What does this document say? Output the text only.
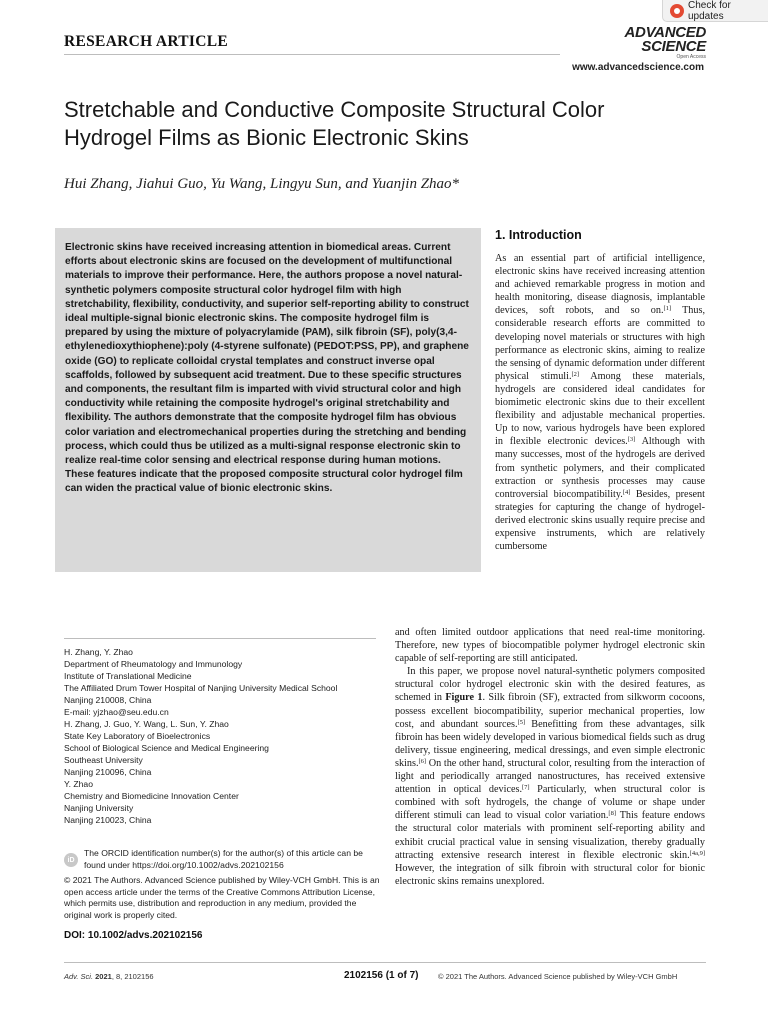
Check for updates
RESEARCH ARTICLE
ADVANCED
SCIENCE
Open Access
www.advancedscience.com
Stretchable and Conductive Composite Structural Color Hydrogel Films as Bionic Electronic Skins
Hui Zhang, Jiahui Guo, Yu Wang, Lingyu Sun, and Yuanjin Zhao*

Electronic skins have received increasing attention in biomedical areas. Current efforts about electronic skins are focused on the development of multifunctional materials to improve their performance. Here, the authors propose a novel natural-synthetic polymers composite structural color hydrogel film with high stretchability, flexibility, conductivity, and superior self-reporting ability to construct ideal multiple-signal bionic electronic skins. The composite hydrogel film is prepared by using the mixture of polyacrylamide (PAM), silk fibroin (SF), poly(3,4-ethylenedioxythiophene):poly (4-styrene sulfonate) (PEDOT:PSS, PP), and graphene oxide (GO) to replicate colloidal crystal templates and construct inverse opal scaffolds, followed by subsequent acid treatment. Due to these specific structures and components, the resultant film is imparted with vivid structural color and high conductivity while retaining the composite hydrogel's original stretchability and flexibility. The authors demonstrate that the composite hydrogel film has obvious color variation and electromechanical properties during the stretching and bending process, which could thus be utilized as a multi-signal response electronic skin to realize real-time color sensing and electrical response during human motions. These features indicate that the proposed composite structural color hydrogel film can widen the practical value of bionic electronic skins.

1. Introduction

As an essential part of artificial intelligence, electronic skins have received increasing attention and achieved remarkable progress in motion and health monitoring, disease diagnosis, implantable devices, soft robots, and so on.[1] Thus, considerable research efforts are committed to developing novel materials or structures with high performance as electronic skins, aiming to realize the sensing of dynamic deformation under different physical stimuli.[2] Among these materials, hydrogels are considered ideal candidates for biomimetic electronic skins due to their excellent flexibility and adjustable mechanical properties. Up to now, various hydrogels have been explored in flexible electronic devices.[3] Although with many successes, most of the hydrogels are derived from synthetic polymers, and their complicated extraction or synthesis processes may cause controversial biocompatibility.[4] Besides, present strategies for capturing the change of hydrogel-derived electronic skins usually require precise and expensive instruments, which are relatively cumbersome

and often limited outdoor applications that need real-time monitoring. Therefore, new types of biocompatible polymer hydrogel electronic skin capable of self-reporting are still anticipated.

In this paper, we propose novel natural-synthetic polymers composited structural color hydrogel electronic skin with the desired features, as schemed in Figure 1. Silk fibroin (SF), extracted from silkworm cocoons, possess excellent biocompatibility, superior mechanical properties, low cost, and abundant sources.[5] Benefitting from these advantages, silk fibroin has been widely developed in various biomedical fields such as drug delivery, tissue engineering, medical dressings, and even simple electronic skins.[6] On the other hand, structural color, resulting from the interaction of light and periodically arranged nanostructures, has received extensive attention in optical devices.[7] Particularly, when structural color is combined with soft hydrogels, the change of volume or shape under different stimuli can lead to visual color variation.[8] This feature endows the structural color materials with prominent self-reporting ability and exhibit crucial practical value in sensing visualization, thereby gradually attracting extensive research interest in flexible electronic skin.[4a,9] However, the integration of silk fibroin with structural color for bionic electronic skins remains unexplored.

H. Zhang, Y. Zhao
Department of Rheumatology and Immunology
Institute of Translational Medicine
The Affiliated Drum Tower Hospital of Nanjing University Medical School
Nanjing 210008, China
E-mail: yjzhao@seu.edu.cn
H. Zhang, J. Guo, Y. Wang, L. Sun, Y. Zhao
State Key Laboratory of Bioelectronics
School of Biological Science and Medical Engineering
Southeast University
Nanjing 210096, China
Y. Zhao
Chemistry and Biomedicine Innovation Center
Nanjing University
Nanjing 210023, China
iD
The ORCID identification number(s) for the author(s) of this article can be found under https://doi.org/10.1002/advs.202102156
© 2021 The Authors. Advanced Science published by Wiley-VCH GmbH. This is an open access article under the terms of the Creative Commons Attribution License, which permits use, distribution and reproduction in any medium, provided the original work is properly cited.
DOI: 10.1002/advs.202102156
Adv. Sci. 2021, 8, 2102156	2102156 (1 of 7)	© 2021 The Authors. Advanced Science published by Wiley-VCH GmbH
